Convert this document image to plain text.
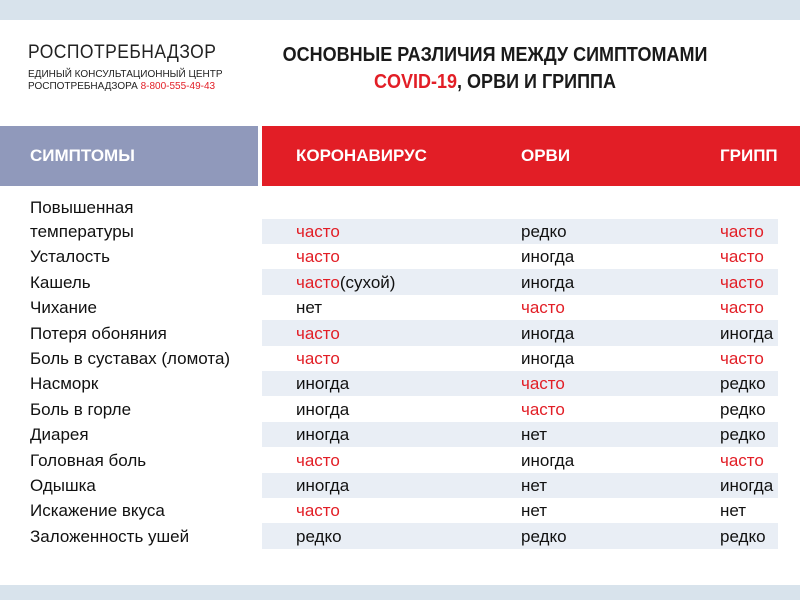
РОСПОТРЕБНАДЗОР
ЕДИНЫЙ КОНСУЛЬТАЦИОННЫЙ ЦЕНТР
РОСПОТРЕБНАДЗОРА 8-800-555-49-43
ОСНОВНЫЕ РАЗЛИЧИЯ МЕЖДУ СИМПТОМАМИ
COVID-19, ОРВИ И ГРИППА
СИМПТОМЫ	КОРОНАВИРУС	ОРВИ	ГРИПП
Повышенная
температуры	часто	редко	часто
Усталость	часто	иногда	часто
Кашель	часто(сухой)	иногда	часто
Чихание	нет	часто	часто
Потеря обоняния	часто	иногда	иногда
Боль в суставах (ломота)	часто	иногда	часто
Насморк	иногда	часто	редко
Боль в горле	иногда	часто	редко
Диарея	иногда	нет	редко
Головная боль	часто	иногда	часто
Одышка	иногда	нет	иногда
Искажение вкуса	часто	нет	нет
Заложенность ушей	редко	редко	редко
